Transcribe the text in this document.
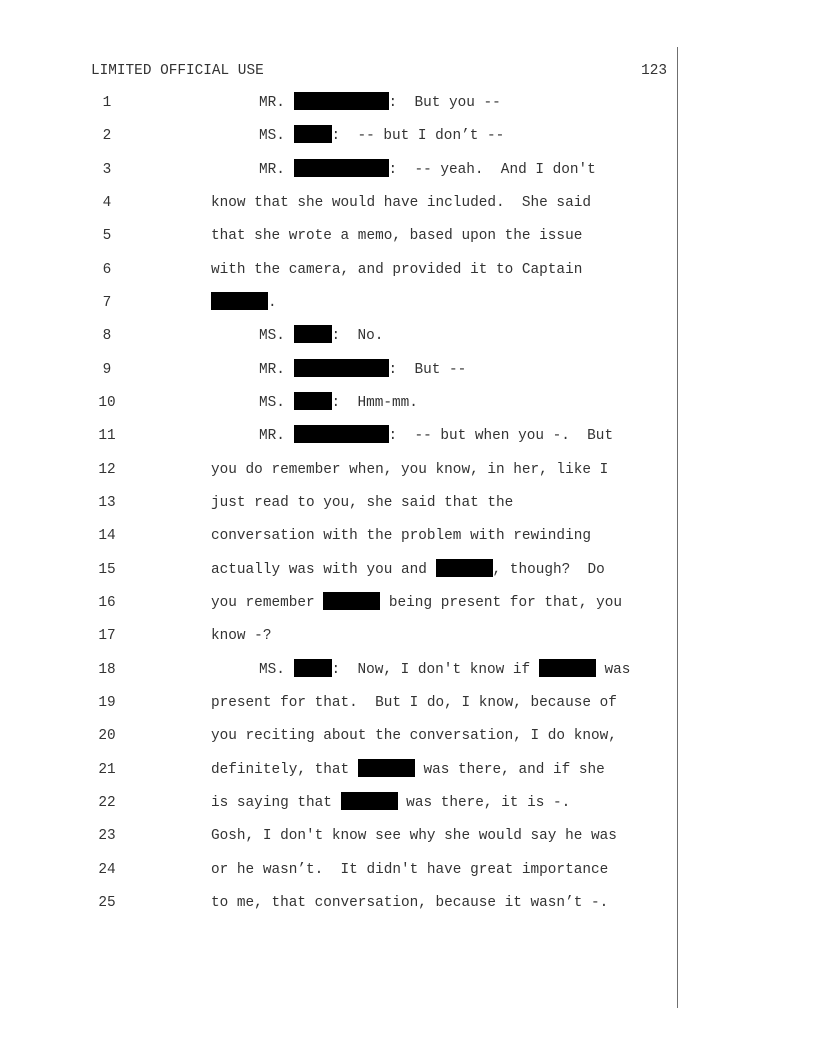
LIMITED OFFICIAL USE	123
1	MR.	:  But you --
2	MS.	:  -- but I don’t --
3	MR.	:  -- yeah.  And I don't
4	know that she would have included.  She said
5	that she wrote a memo, based upon the issue
6	with the camera, and provided it to Captain
7	.
8	MS.	:  No.
9	MR.	:  But --
10	MS.	:  Hmm-mm.
11	MR.	:  -- but when you -.  But
12	you do remember when, you know, in her, like I
13	just read to you, she said that the
14	conversation with the problem with rewinding
15	actually was with you and	, though?  Do
16	you remember	being present for that, you
17	know -?
18	MS.	:  Now, I don't know if	was
19	present for that.  But I do, I know, because of
20	you reciting about the conversation, I do know,
21	definitely, that	was there, and if she
22	is saying that	was there, it is -.
23	Gosh, I don't know see why she would say he was
24	or he wasn’t.  It didn't have great importance
25	to me, that conversation, because it wasn’t -.
